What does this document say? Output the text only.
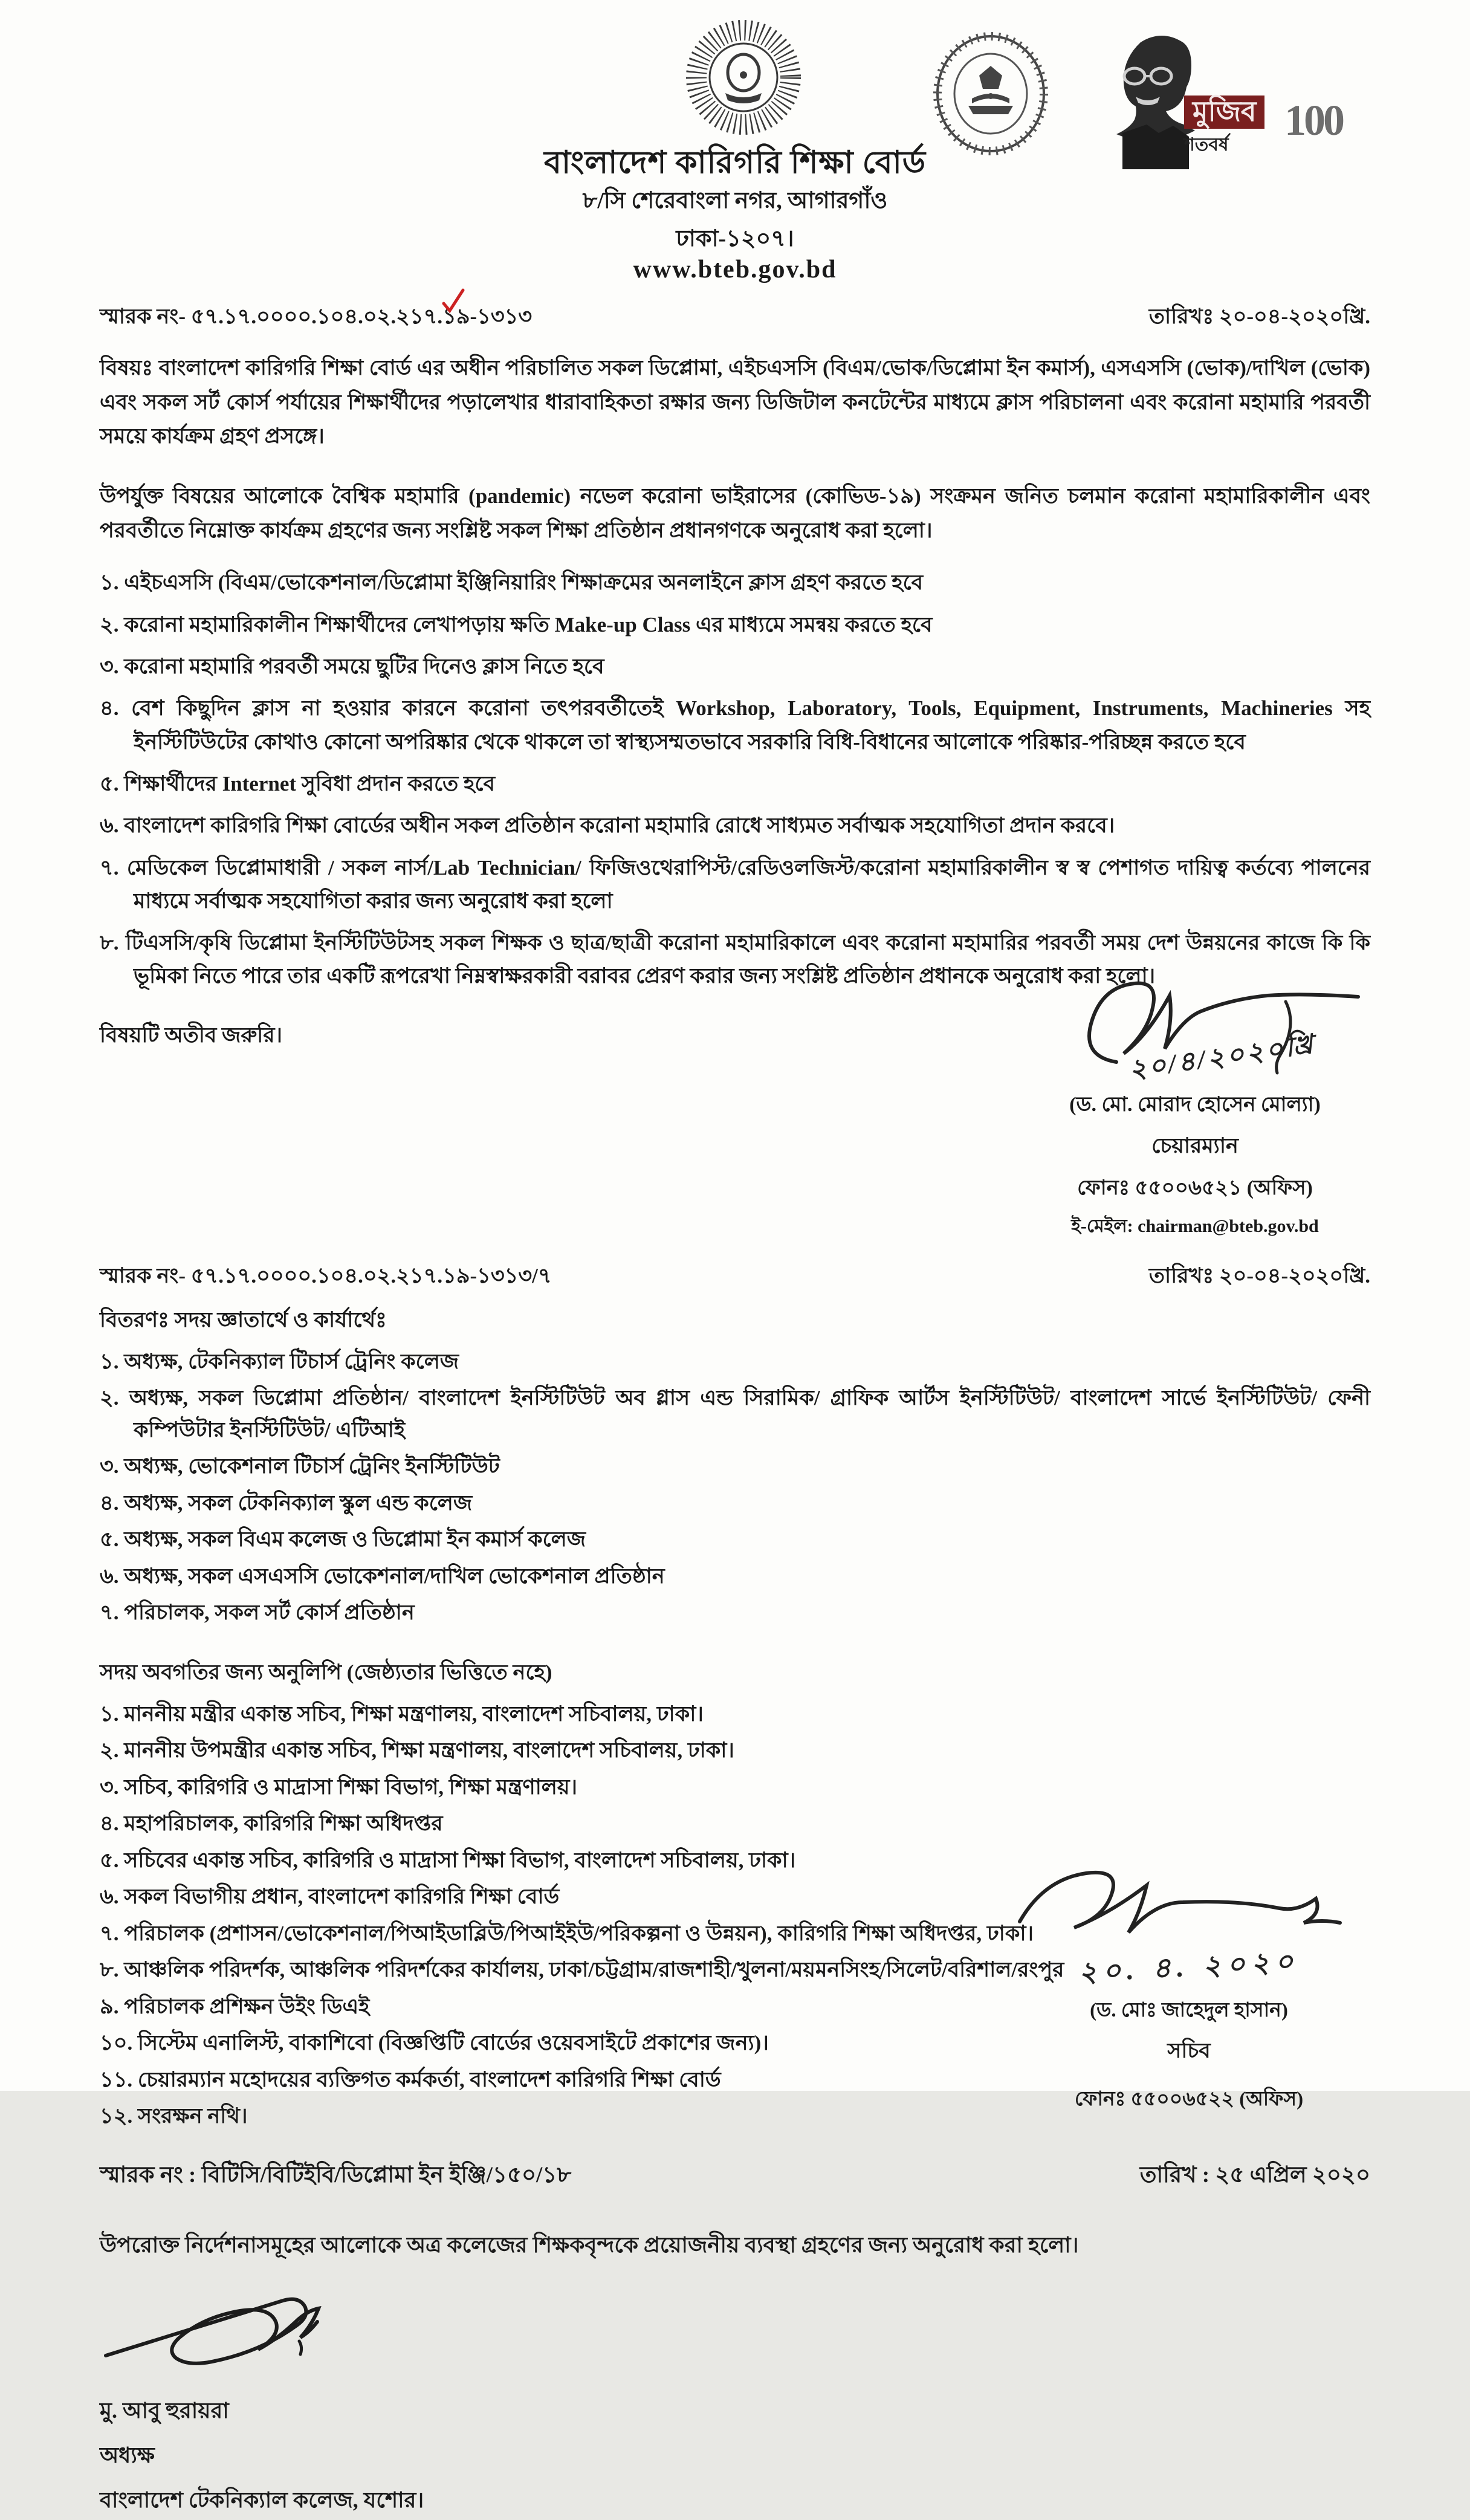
বাংলাদেশ কারিগরি শিক্ষা বোর্ড
৮/সি শেরেবাংলা নগর, আগারগাঁও
ঢাকা-১২০৭।
www.bteb.gov.bd
মুজিব
শতবর্ষ
100
স্মারক নং- ৫৭.১৭.০০০০.১০৪.০২.২১৭.১৯-১৩১৩	তারিখঃ ২০-০৪-২০২০খ্রি.
বিষয়ঃ বাংলাদেশ কারিগরি শিক্ষা বোর্ড এর অধীন পরিচালিত সকল ডিপ্লোমা, এইচএসসি (বিএম/ভোক/ডিপ্লোমা ইন কমার্স), এসএসসি (ভোক)/দাখিল (ভোক) এবং সকল সর্ট কোর্স পর্যায়ের শিক্ষার্থীদের পড়ালেখার ধারাবাহিকতা রক্ষার জন্য ডিজিটাল কনটেন্টের মাধ্যমে ক্লাস পরিচালনা এবং করোনা মহামারি পরবর্তী সময়ে কার্যক্রম গ্রহণ প্রসঙ্গে।
উপর্যুক্ত বিষয়ের আলোকে বৈশ্বিক মহামারি (pandemic) নভেল করোনা ভাইরাসের (কোভিড-১৯) সংক্রমন জনিত চলমান করোনা মহামারিকালীন এবং পরবর্তীতে নিম্নোক্ত কার্যক্রম গ্রহণের জন্য সংশ্লিষ্ট সকল শিক্ষা প্রতিষ্ঠান প্রধানগণকে অনুরোধ করা হলো।
১. এইচএসসি (বিএম/ভোকেশনাল/ডিপ্লোমা ইঞ্জিনিয়ারিং শিক্ষাক্রমের অনলাইনে ক্লাস গ্রহণ করতে হবে
২. করোনা মহামারিকালীন শিক্ষার্থীদের লেখাপড়ায় ক্ষতি Make-up Class এর মাধ্যমে সমন্বয় করতে হবে
৩. করোনা মহামারি পরবর্তী সময়ে ছুটির দিনেও ক্লাস নিতে হবে
৪. বেশ কিছুদিন ক্লাস না হওয়ার কারনে করোনা তৎপরবর্তীতেই Workshop, Laboratory, Tools, Equipment, Instruments, Machineries সহ ইনস্টিটিউটের কোথাও কোনো অপরিষ্কার থেকে থাকলে তা স্বাস্থ্যসম্মতভাবে সরকারি বিধি-বিধানের আলোকে পরিষ্কার-পরিচ্ছন্ন করতে হবে
৫. শিক্ষার্থীদের Internet সুবিধা প্রদান করতে হবে
৬. বাংলাদেশ কারিগরি শিক্ষা বোর্ডের অধীন সকল প্রতিষ্ঠান করোনা মহামারি রোধে সাধ্যমত সর্বাত্মক সহযোগিতা প্রদান করবে।
৭. মেডিকেল ডিপ্লোমাধারী / সকল নার্স/Lab Technician/ ফিজিওথেরাপিস্ট/রেডিওলজিস্ট/করোনা মহামারিকালীন স্ব স্ব পেশাগত দায়িত্ব কর্তব্যে পালনের মাধ্যমে সর্বাত্মক সহযোগিতা করার জন্য অনুরোধ করা হলো
৮. টিএসসি/কৃষি ডিপ্লোমা ইনস্টিটিউটসহ সকল শিক্ষক ও ছাত্র/ছাত্রী করোনা মহামারিকালে এবং করোনা মহামারির পরবর্তী সময় দেশ উন্নয়নের কাজে কি কি ভূমিকা নিতে পারে তার একটি রূপরেখা নিম্নস্বাক্ষরকারী বরাবর প্রেরণ করার জন্য সংশ্লিষ্ট প্রতিষ্ঠান প্রধানকে অনুরোধ করা হলো।
বিষয়টি অতীব জরুরি।	২০/৪/২০২০খ্রি
(ড. মো. মোরাদ হোসেন মোল্যা)
চেয়ারম্যান
ফোনঃ ৫৫০০৬৫২১ (অফিস)
ই-মেইল: chairman@bteb.gov.bd
স্মারক নং- ৫৭.১৭.০০০০.১০৪.০২.২১৭.১৯-১৩১৩/৭	তারিখঃ ২০-০৪-২০২০খ্রি.
বিতরণঃ সদয় জ্ঞাতার্থে ও কার্যার্থেঃ
১. অধ্যক্ষ, টেকনিক্যাল টিচার্স ট্রেনিং কলেজ
২. অধ্যক্ষ, সকল ডিপ্লোমা প্রতিষ্ঠান/ বাংলাদেশ ইনস্টিটিউট অব গ্লাস এন্ড সিরামিক/ গ্রাফিক আর্টস ইনস্টিটিউট/ বাংলাদেশ সার্ভে ইনস্টিটিউট/ ফেনী কম্পিউটার ইনস্টিটিউট/ এটিআই
৩. অধ্যক্ষ, ভোকেশনাল টিচার্স ট্রেনিং ইনস্টিটিউট
৪. অধ্যক্ষ, সকল টেকনিক্যাল স্কুল এন্ড কলেজ
৫. অধ্যক্ষ, সকল বিএম কলেজ ও ডিপ্লোমা ইন কমার্স কলেজ
৬. অধ্যক্ষ, সকল এসএসসি ভোকেশনাল/দাখিল ভোকেশনাল প্রতিষ্ঠান
৭. পরিচালক, সকল সর্ট কোর্স প্রতিষ্ঠান
সদয় অবগতির জন্য অনুলিপি (জেষ্ঠ্যতার ভিত্তিতে নহে)
১. মাননীয় মন্ত্রীর একান্ত সচিব, শিক্ষা মন্ত্রণালয়, বাংলাদেশ সচিবালয়, ঢাকা।
২. মাননীয় উপমন্ত্রীর একান্ত সচিব, শিক্ষা মন্ত্রণালয়, বাংলাদেশ সচিবালয়, ঢাকা।
৩. সচিব, কারিগরি ও মাদ্রাসা শিক্ষা বিভাগ, শিক্ষা মন্ত্রণালয়।
৪. মহাপরিচালক, কারিগরি শিক্ষা অধিদপ্তর
৫. সচিবের একান্ত সচিব, কারিগরি ও মাদ্রাসা শিক্ষা বিভাগ, বাংলাদেশ সচিবালয়, ঢাকা।
৬. সকল বিভাগীয় প্রধান, বাংলাদেশ কারিগরি শিক্ষা বোর্ড
৭. পরিচালক (প্রশাসন/ভোকেশনাল/পিআইডাব্লিউ/পিআইইউ/পরিকল্পনা ও উন্নয়ন), কারিগরি শিক্ষা অধিদপ্তর, ঢাকা।
৮. আঞ্চলিক পরিদর্শক, আঞ্চলিক পরিদর্শকের কার্যালয়, ঢাকা/চট্টগ্রাম/রাজশাহী/খুলনা/ময়মনসিংহ/সিলেট/বরিশাল/রংপুর
৯. পরিচালক প্রশিক্ষন উইং ডিএই
১০. সিস্টেম এনালিস্ট, বাকাশিবো (বিজ্ঞপ্তিটি বোর্ডের ওয়েবসাইটে প্রকাশের জন্য)।
১১. চেয়ারম্যান মহোদয়ের ব্যক্তিগত কর্মকর্তা, বাংলাদেশ কারিগরি শিক্ষা বোর্ড
১২. সংরক্ষন নথি।
২০. ৪. ২০২০
(ড. মোঃ জাহেদুল হাসান)
সচিব
ফোনঃ ৫৫০০৬৫২২ (অফিস)
স্মারক নং : বিটিসি/বিটিইবি/ডিপ্লোমা ইন ইঞ্জি/১৫০/১৮	তারিখ : ২৫ এপ্রিল ২০২০
উপরোক্ত নির্দেশনাসমূহের আলোকে অত্র কলেজের শিক্ষকবৃন্দকে প্রয়োজনীয় ব্যবস্থা গ্রহণের জন্য অনুরোধ করা হলো।
মু. আবু হুরায়রা
অধ্যক্ষ
বাংলাদেশ টেকনিক্যাল কলেজ, যশোর।
